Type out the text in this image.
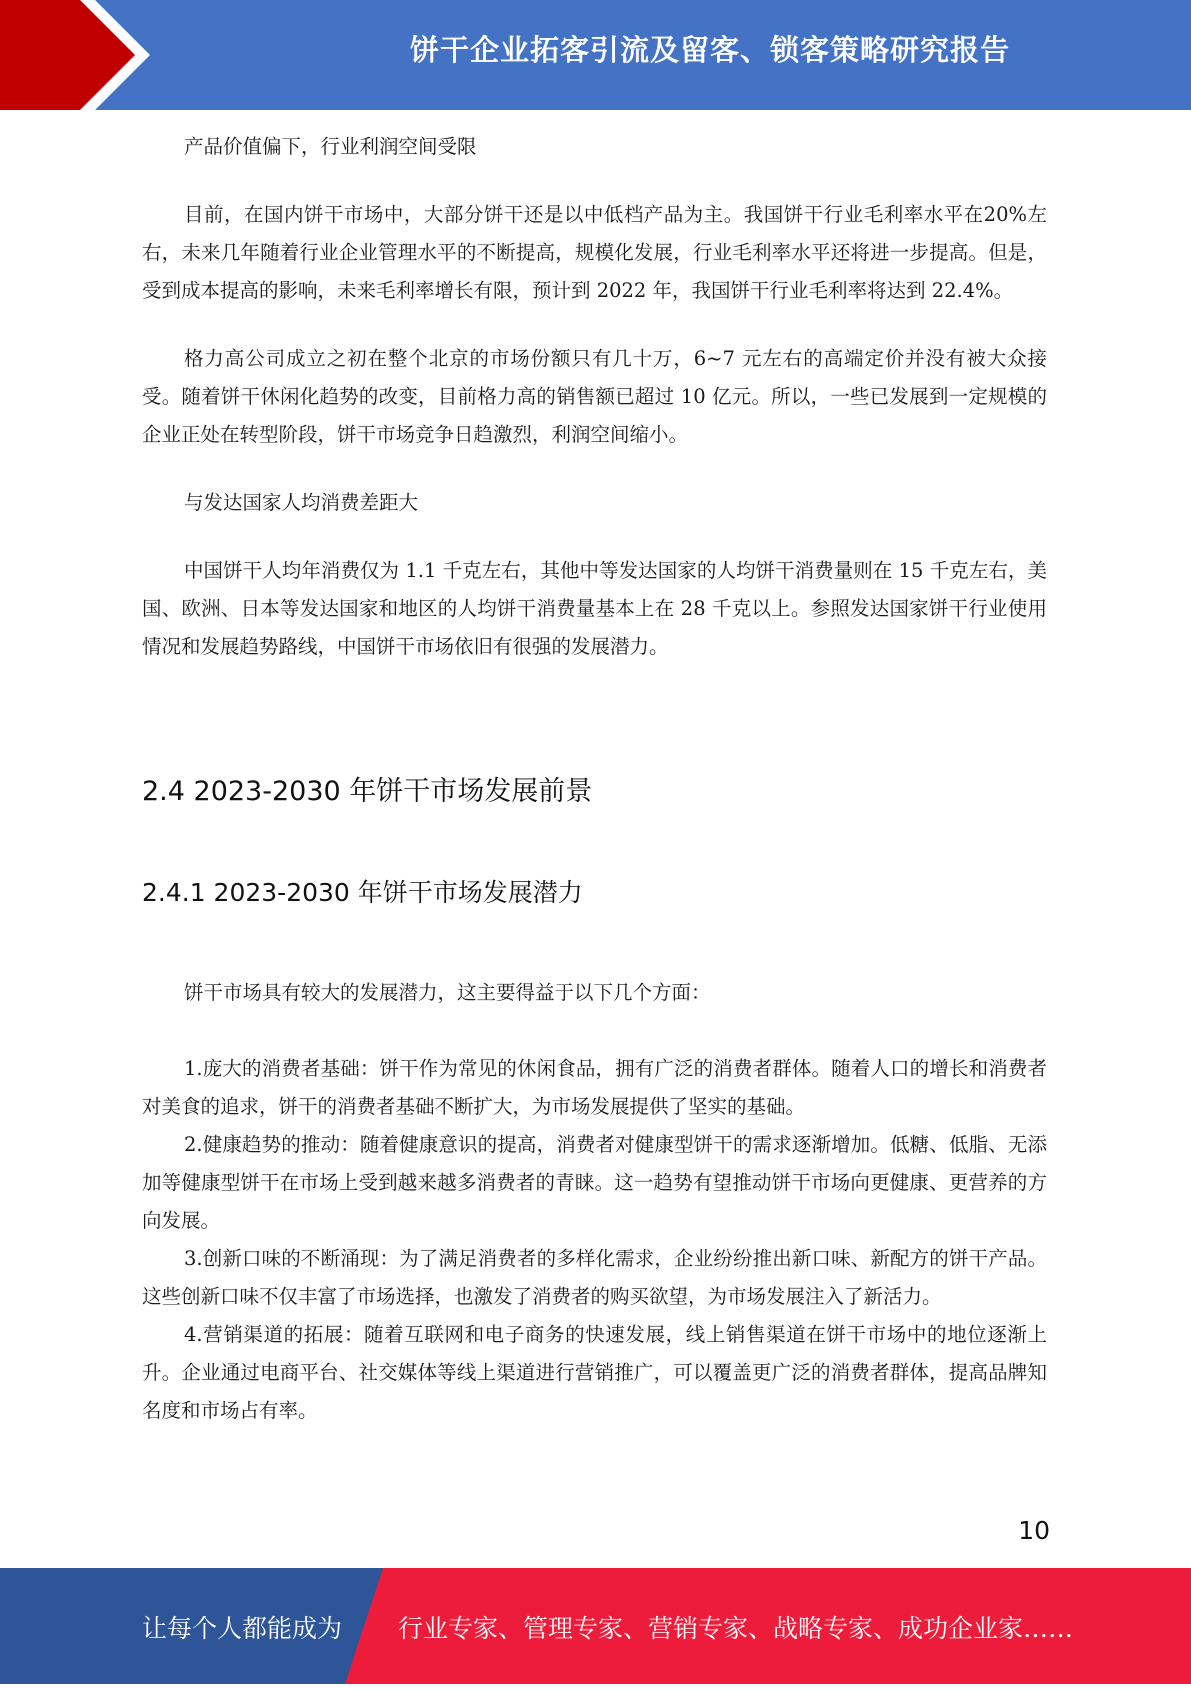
饼干企业拓客引流及留客、锁客策略研究报告

产品价值偏下，行业利润空间受限

目前，在国内饼干市场中，大部分饼干还是以中低档产品为主。我国饼干行业毛利率水平在20%左右，未来几年随着行业企业管理水平的不断提高，规模化发展，行业毛利率水平还将进一步提高。但是，受到成本提高的影响，未来毛利率增长有限，预计到 2022 年，我国饼干行业毛利率将达到 22.4%。

格力高公司成立之初在整个北京的市场份额只有几十万，6~7 元左右的高端定价并没有被大众接受。随着饼干休闲化趋势的改变，目前格力高的销售额已超过 10 亿元。所以，一些已发展到一定规模的企业正处在转型阶段，饼干市场竞争日趋激烈，利润空间缩小。

与发达国家人均消费差距大

中国饼干人均年消费仅为 1.1 千克左右，其他中等发达国家的人均饼干消费量则在 15 千克左右，美国、欧洲、日本等发达国家和地区的人均饼干消费量基本上在 28 千克以上。参照发达国家饼干行业使用情况和发展趋势路线，中国饼干市场依旧有很强的发展潜力。

2.4 2023-2030 年饼干市场发展前景
2.4.1 2023-2030 年饼干市场发展潜力

饼干市场具有较大的发展潜力，这主要得益于以下几个方面：

1.庞大的消费者基础：饼干作为常见的休闲食品，拥有广泛的消费者群体。随着人口的增长和消费者对美食的追求，饼干的消费者基础不断扩大，为市场发展提供了坚实的基础。

2.健康趋势的推动：随着健康意识的提高，消费者对健康型饼干的需求逐渐增加。低糖、低脂、无添加等健康型饼干在市场上受到越来越多消费者的青睐。这一趋势有望推动饼干市场向更健康、更营养的方向发展。

3.创新口味的不断涌现：为了满足消费者的多样化需求，企业纷纷推出新口味、新配方的饼干产品。这些创新口味不仅丰富了市场选择，也激发了消费者的购买欲望，为市场发展注入了新活力。

4.营销渠道的拓展：随着互联网和电子商务的快速发展，线上销售渠道在饼干市场中的地位逐渐上升。企业通过电商平台、社交媒体等线上渠道进行营销推广，可以覆盖更广泛的消费者群体，提高品牌知名度和市场占有率。

10

让每个人都能成为 行业专家、管理专家、营销专家、战略专家、成功企业家……
